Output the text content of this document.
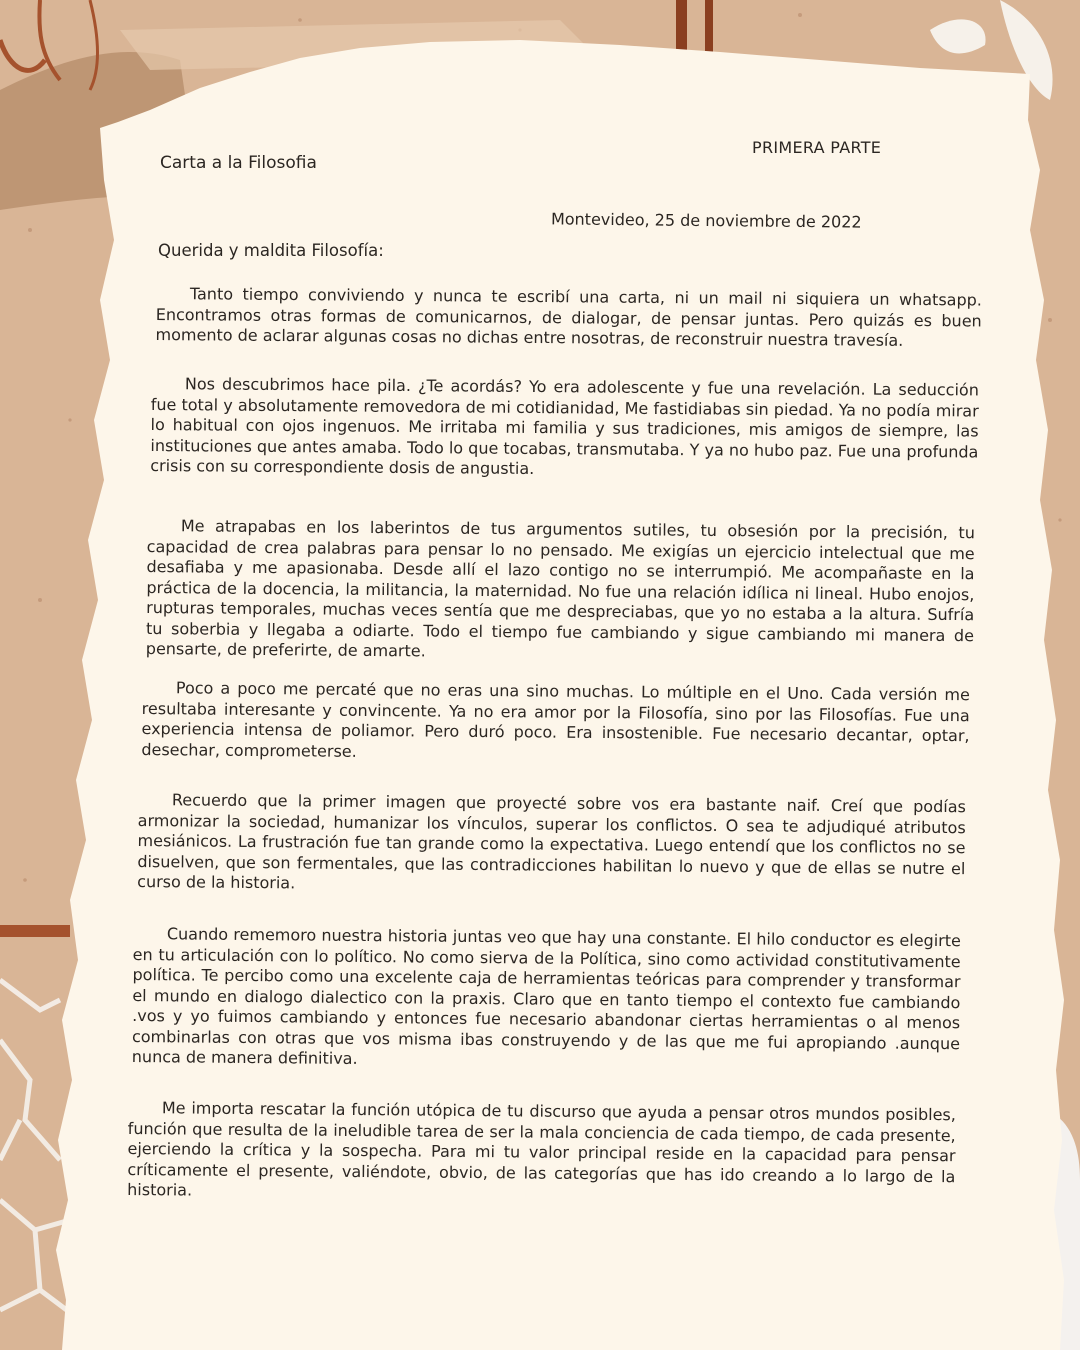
PRIMERA PARTE
Carta a la Filosofia
Montevideo, 25 de noviembre de 2022
Querida y maldita Filosofía:

Tanto tiempo conviviendo y nunca te escribí una carta, ni un mail ni siquiera un whatsapp. Encontramos otras formas de comunicarnos, de dialogar, de pensar juntas. Pero quizás es buen momento de aclarar algunas cosas no dichas entre nosotras, de reconstruir nuestra travesía.

Nos descubrimos hace pila. ¿Te acordás? Yo era adolescente y fue una revelación. La seducción fue total y absolutamente removedora de mi cotidianidad, Me fastidiabas sin piedad. Ya no podía mirar lo habitual con ojos ingenuos. Me irritaba mi familia y sus tradiciones, mis amigos de siempre, las instituciones que antes amaba. Todo lo que tocabas, transmutaba. Y ya no hubo paz. Fue una profunda crisis con su correspondiente dosis de angustia.

Me atrapabas en los laberintos de tus argumentos sutiles, tu obsesión por la precisión, tu capacidad de crea palabras para pensar lo no pensado. Me exigías un ejercicio intelectual que me desafiaba y me apasionaba. Desde allí el lazo contigo no se interrumpió. Me acompañaste en la práctica de la docencia, la militancia, la maternidad. No fue una relación idílica ni lineal. Hubo enojos, rupturas temporales, muchas veces sentía que me despreciabas, que yo no estaba a la altura. Sufría tu soberbia y llegaba a odiarte. Todo el tiempo fue cambiando y sigue cambiando mi manera de pensarte, de preferirte, de amarte.

Poco a poco me percaté que no eras una sino muchas. Lo múltiple en el Uno. Cada versión me resultaba interesante y convincente. Ya no era amor por la Filosofía, sino por las Filosofías. Fue una experiencia intensa de poliamor. Pero duró poco. Era insostenible. Fue necesario decantar, optar, desechar, comprometerse.

Recuerdo que la primer imagen que proyecté sobre vos era bastante naif. Creí que podías armonizar la sociedad, humanizar los vínculos, superar los conflictos. O sea te adjudiqué atributos mesiánicos. La frustración fue tan grande como la expectativa. Luego entendí que los conflictos no se disuelven, que son fermentales, que las contradicciones habilitan lo nuevo y que de ellas se nutre el curso de la historia.

Cuando rememoro nuestra historia juntas veo que hay una constante. El hilo conductor es elegirte en tu articulación con lo político. No como sierva de la Política, sino como actividad constitutivamente política. Te percibo como una excelente caja de herramientas teóricas para comprender y transformar el mundo en dialogo dialectico con la praxis. Claro que en tanto tiempo el contexto fue cambiando .vos y yo fuimos cambiando y entonces fue necesario abandonar ciertas herramientas o al menos combinarlas con otras que vos misma ibas construyendo y de las que me fui apropiando .aunque nunca de manera definitiva.

Me importa rescatar la función utópica de tu discurso que ayuda a pensar otros mundos posibles, función que resulta de la ineludible tarea de ser la mala conciencia de cada tiempo, de cada presente, ejerciendo la crítica y la sospecha. Para mi tu valor principal reside en la capacidad para pensar críticamente el presente, valiéndote, obvio, de las categorías que has ido creando a lo largo de la historia.
